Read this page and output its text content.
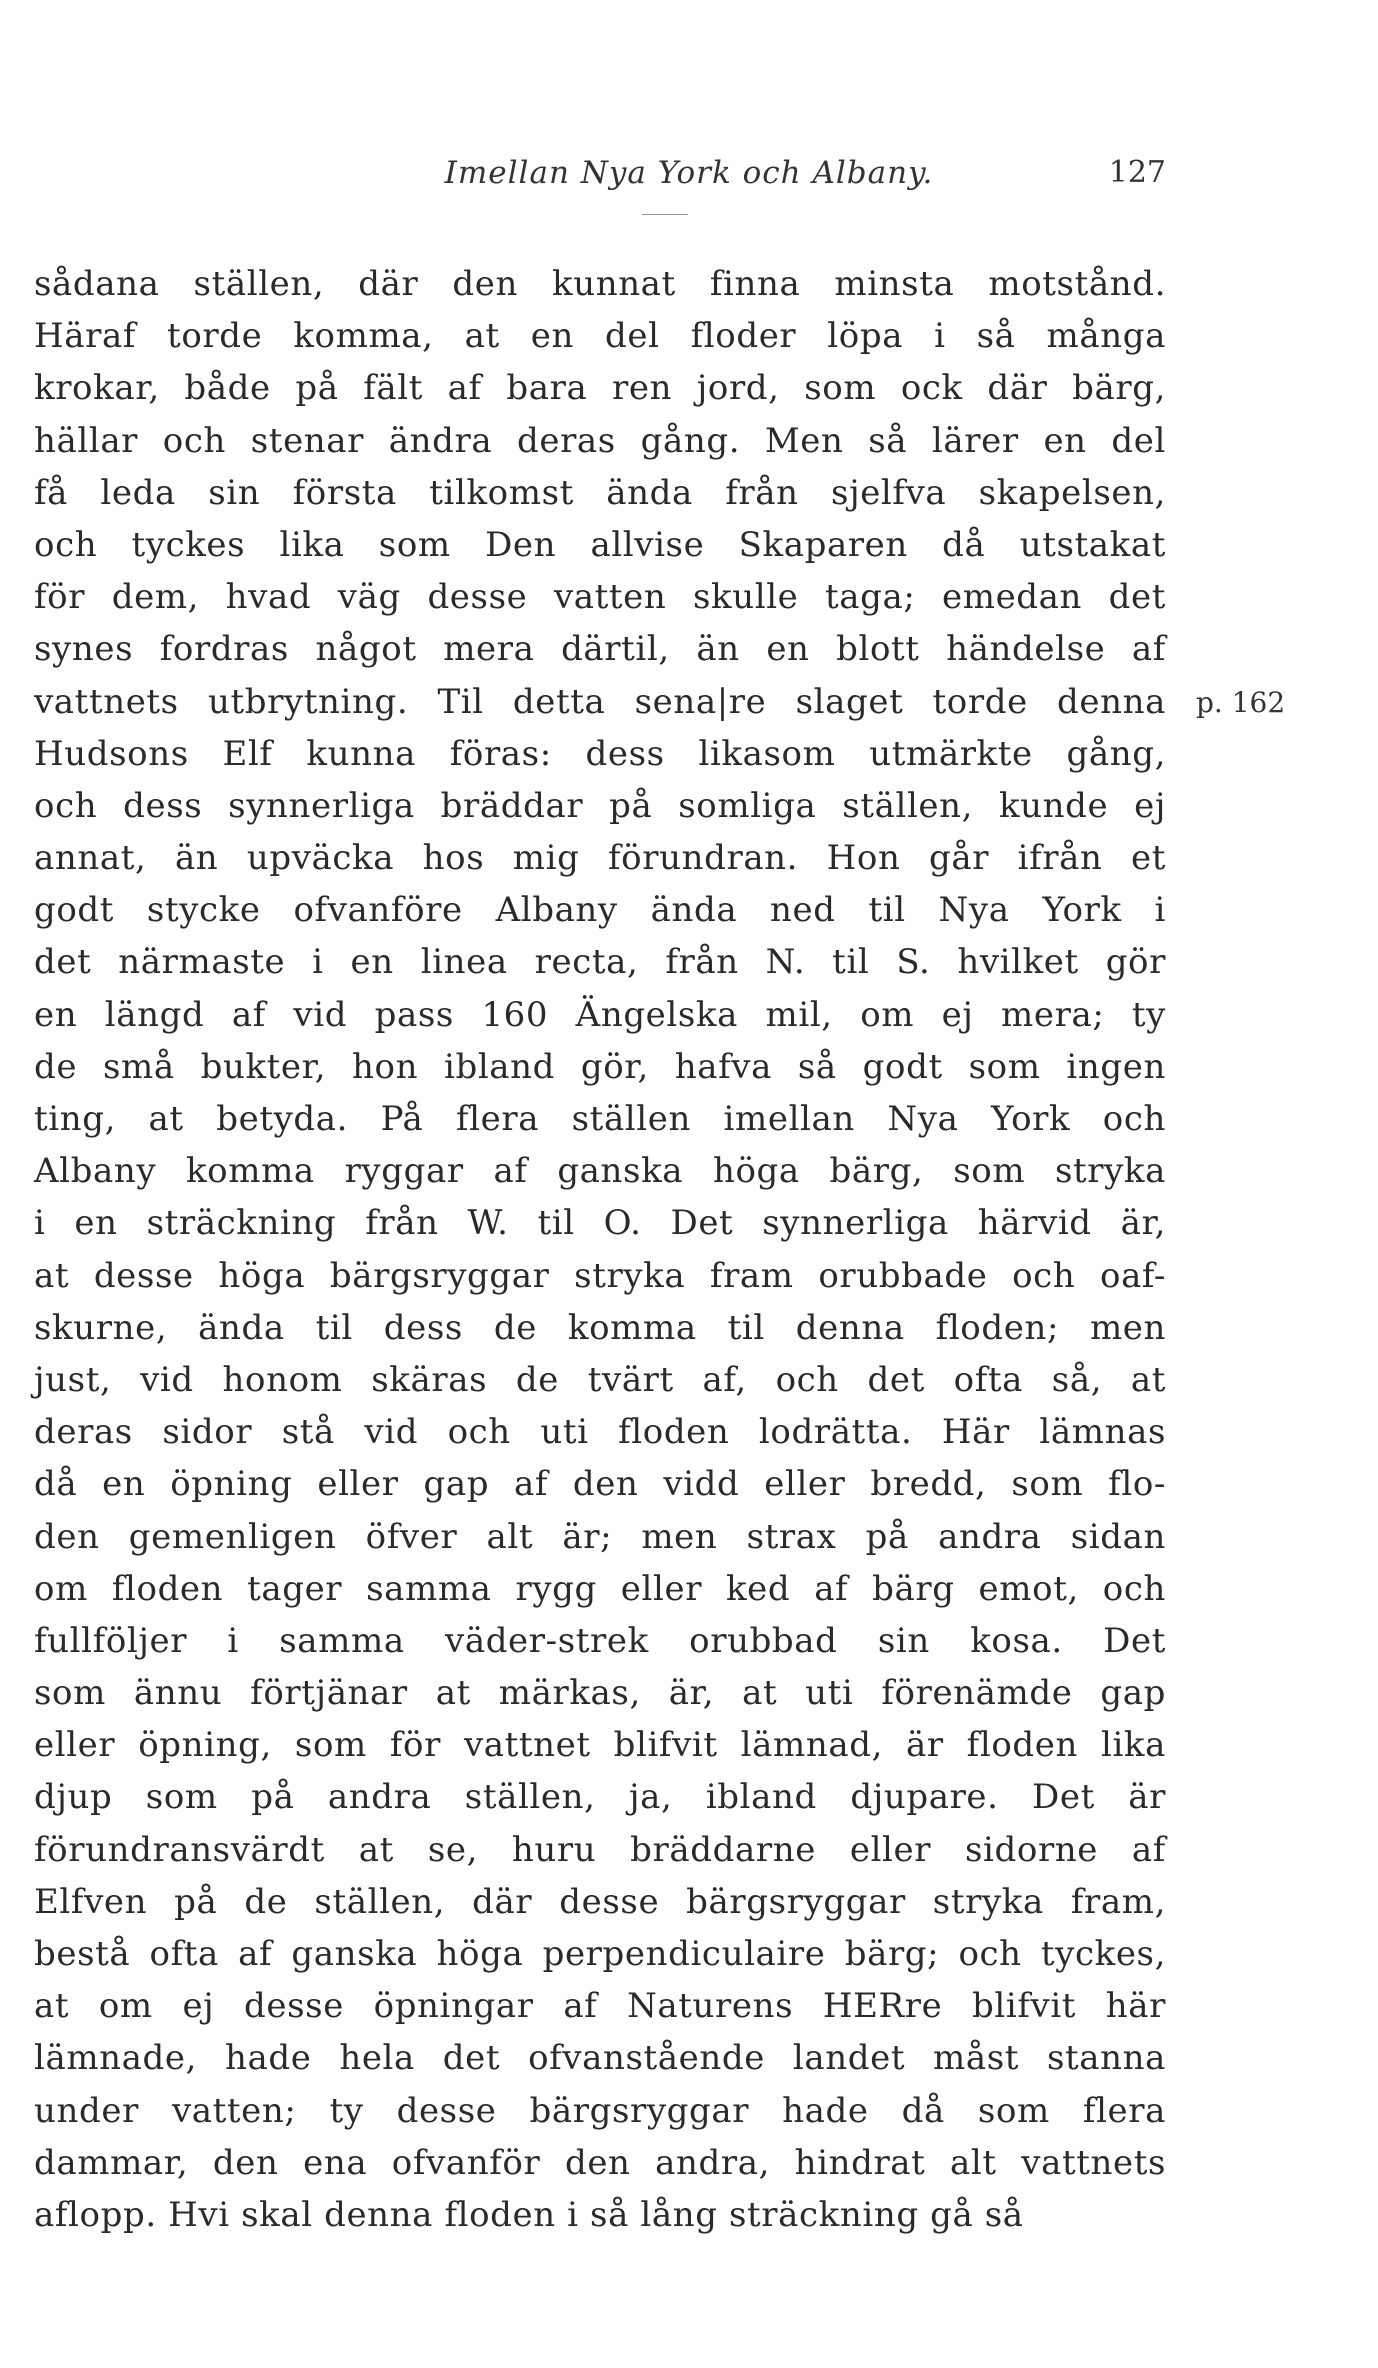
Imellan Nya York och Albany.	127
sådana ställen, där den kunnat finna minsta motstånd.
Häraf torde komma, at en del floder löpa i så många
krokar, både på fält af bara ren jord, som ock där bärg,
hällar och stenar ändra deras gång. Men så lärer en del
få leda sin första tilkomst ända från sjelfva skapelsen,
och tyckes lika som Den allvise Skaparen då utstakat
för dem, hvad väg desse vatten skulle taga; emedan det
synes fordras något mera därtil, än en blott händelse af
vattnets utbrytning. Til detta sena|re slaget torde denna
Hudsons Elf kunna föras: dess likasom utmärkte gång,
och dess synnerliga bräddar på somliga ställen, kunde ej
annat, än upväcka hos mig förundran. Hon går ifrån et
godt stycke ofvanföre Albany ända ned til Nya York i
det närmaste i en linea recta, från N. til S. hvilket gör
en längd af vid pass 160 Ängelska mil, om ej mera; ty
de små bukter, hon ibland gör, hafva så godt som ingen
ting, at betyda. På flera ställen imellan Nya York och
Albany komma ryggar af ganska höga bärg, som stryka
i en sträckning från W. til O. Det synnerliga härvid är,
at desse höga bärgsryggar stryka fram orubbade och oaf-
skurne, ända til dess de komma til denna floden; men
just, vid honom skäras de tvärt af, och det ofta så, at
deras sidor stå vid och uti floden lodrätta. Här lämnas
då en öpning eller gap af den vidd eller bredd, som flo-
den gemenligen öfver alt är; men strax på andra sidan
om floden tager samma rygg eller ked af bärg emot, och
fullföljer i samma väder-strek orubbad sin kosa. Det
som ännu förtjänar at märkas, är, at uti förenämde gap
eller öpning, som för vattnet blifvit lämnad, är floden lika
djup som på andra ställen, ja, ibland djupare. Det är
förundransvärdt at se, huru bräddarne eller sidorne af
Elfven på de ställen, där desse bärgsryggar stryka fram,
bestå ofta af ganska höga perpendiculaire bärg; och tyckes,
at om ej desse öpningar af Naturens HERre blifvit här
lämnade, hade hela det ofvanstående landet måst stanna
under vatten; ty desse bärgsryggar hade då som flera
dammar, den ena ofvanför den andra, hindrat alt vattnets
aflopp. Hvi skal denna floden i så lång sträckning gå så
p. 162
